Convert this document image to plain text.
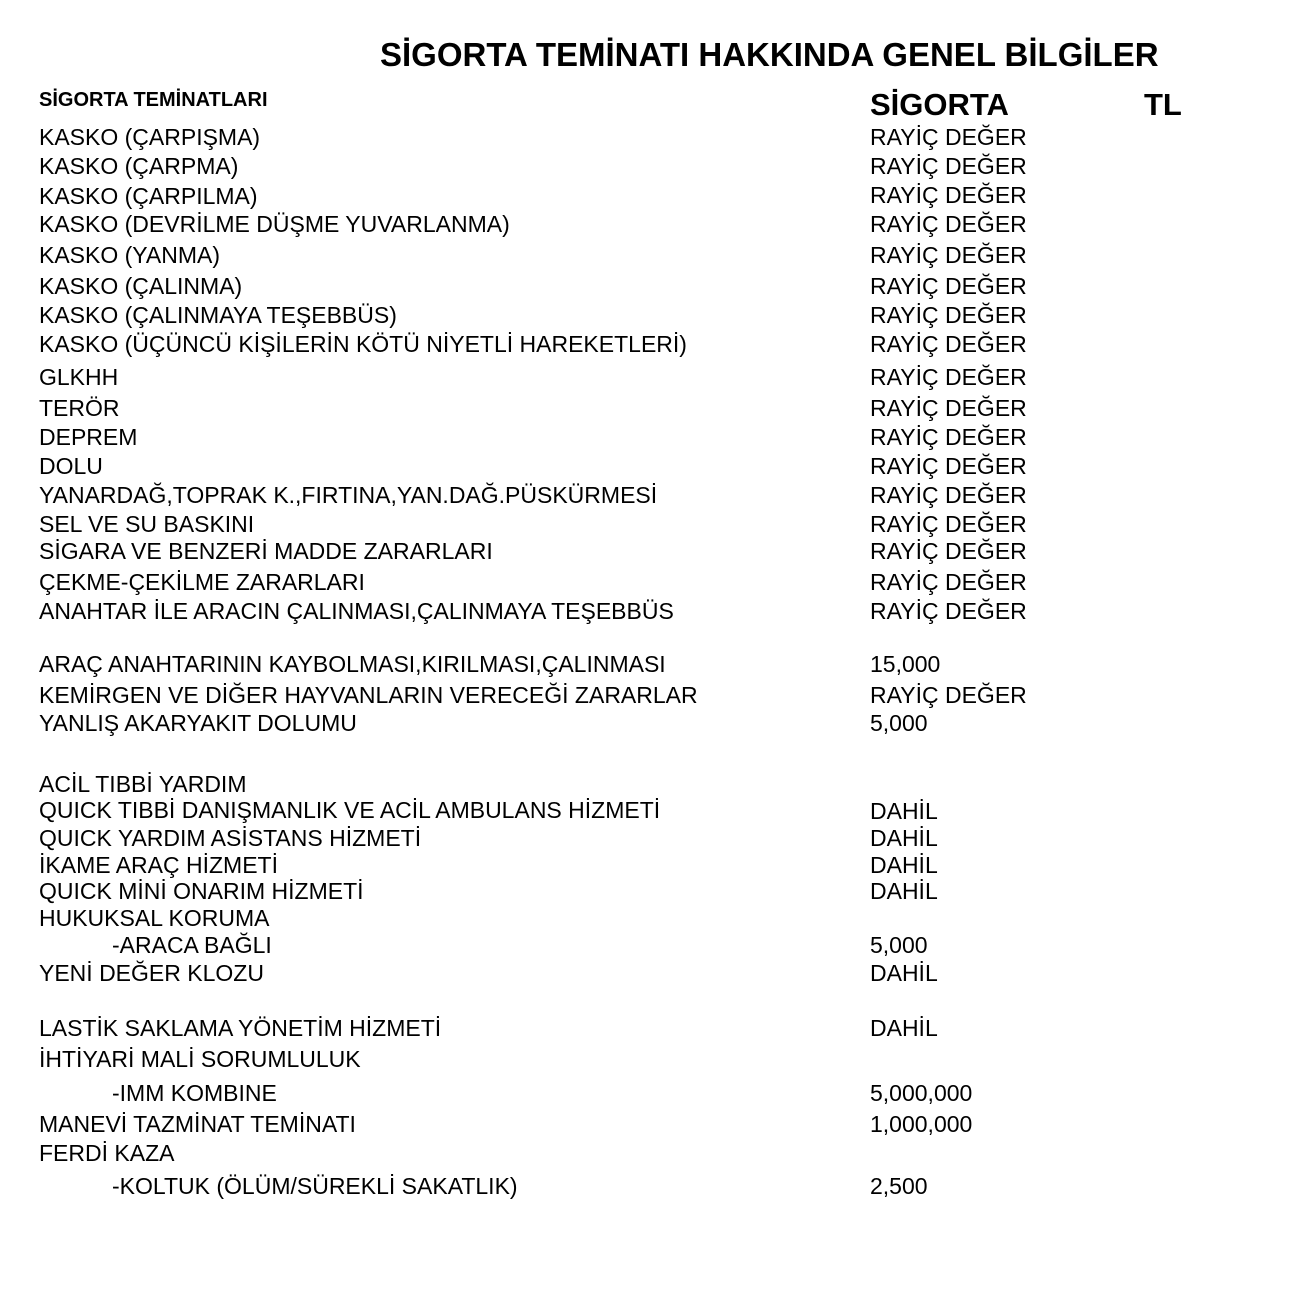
SİGORTA TEMİNATI HAKKINDA GENEL BİLGİLER
SİGORTA TEMİNATLARI	SİGORTA	TL
KASKO (ÇARPIŞMA)	RAYİÇ DEĞER
KASKO (ÇARPMA)	RAYİÇ DEĞER
KASKO (ÇARPILMA)	RAYİÇ DEĞER
KASKO (DEVRİLME DÜŞME YUVARLANMA)	RAYİÇ DEĞER
KASKO (YANMA)	RAYİÇ DEĞER
KASKO (ÇALINMA)	RAYİÇ DEĞER
KASKO (ÇALINMAYA TEŞEBBÜS)	RAYİÇ DEĞER
KASKO (ÜÇÜNCÜ KİŞİLERİN KÖTÜ NİYETLİ HAREKETLERİ)	RAYİÇ DEĞER
GLKHH	RAYİÇ DEĞER
TERÖR	RAYİÇ DEĞER
DEPREM	RAYİÇ DEĞER
DOLU	RAYİÇ DEĞER
YANARDAĞ,TOPRAK K.,FIRTINA,YAN.DAĞ.PÜSKÜRMESİ	RAYİÇ DEĞER
SEL VE SU BASKINI	RAYİÇ DEĞER
SİGARA VE BENZERİ MADDE ZARARLARI	RAYİÇ DEĞER
ÇEKME-ÇEKİLME ZARARLARI	RAYİÇ DEĞER
ANAHTAR İLE ARACIN ÇALINMASI,ÇALINMAYA TEŞEBBÜS	RAYİÇ DEĞER
ARAÇ ANAHTARININ KAYBOLMASI,KIRILMASI,ÇALINMASI	15,000
KEMİRGEN VE DİĞER HAYVANLARIN VERECEĞİ ZARARLAR	RAYİÇ DEĞER
YANLIŞ AKARYAKIT DOLUMU	5,000
ACİL TIBBİ YARDIM
QUICK TIBBİ DANIŞMANLIK VE ACİL AMBULANS HİZMETİ	DAHİL
QUICK YARDIM ASİSTANS HİZMETİ	DAHİL
İKAME ARAÇ HİZMETİ	DAHİL
QUICK MİNİ ONARIM HİZMETİ	DAHİL
HUKUKSAL KORUMA
-ARACA BAĞLI	5,000
YENİ DEĞER KLOZU	DAHİL
LASTİK SAKLAMA YÖNETİM HİZMETİ	DAHİL
İHTİYARİ MALİ SORUMLULUK
-IMM KOMBINE	5,000,000
MANEVİ TAZMİNAT TEMİNATI	1,000,000
FERDİ KAZA
-KOLTUK (ÖLÜM/SÜREKLİ SAKATLIK)	2,500
